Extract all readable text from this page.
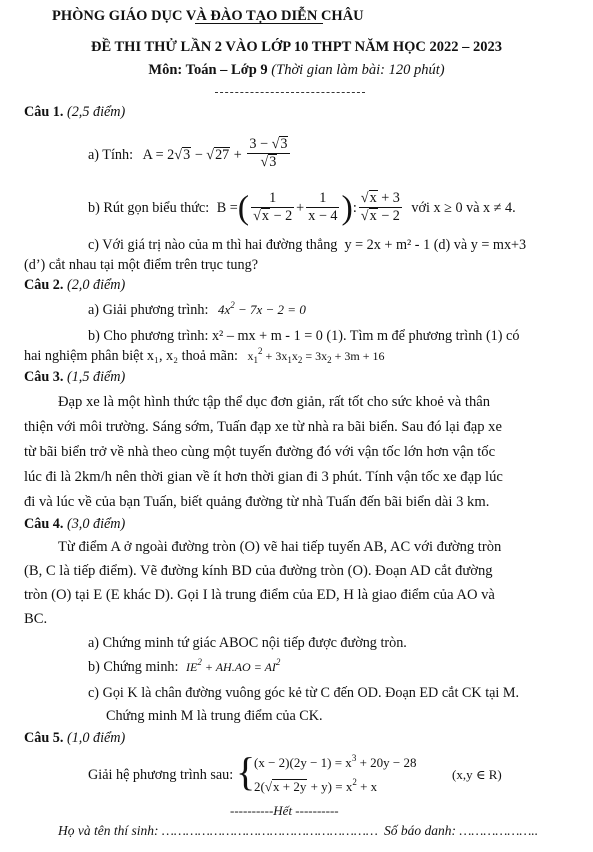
PHÒNG GIÁO DỤC VÀ ĐÀO TẠO DIỄN CHÂU
ĐỀ THI THỬ LẦN 2 VÀO LỚP 10 THPT NĂM HỌC 2022 – 2023
Môn: Toán – Lớp 9 (Thời gian làm bài: 120 phút)
Câu 1. (2,5 điểm)
a) Tính: $A = 2√3 - √27 + \frac{3 - √3}{√3}$
b) Rút gọn biểu thức: B =( $\frac{1}{√x - 2} + \frac{1}{x - 4}$ ): $\frac{√x + 3}{√x - 2}$ với x ≥ 0 và x ≠ 4.
c) Với giá trị nào của m thì hai đường thẳng y = 2x + m² - 1 (d) và y = mx+3
(d’) cắt nhau tại một điểm trên trục tung?
Câu 2. (2,0 điểm)
a) Giải phương trình: $4x^2 - 7x - 2 = 0$
b) Cho phương trình: x² – mx + m - 1 = 0 (1). Tìm m để phương trình (1) có
hai nghiệm phân biệt x₁, x₂ thoả mãn: $x_1^2 + 3x_1x_2 = 3x_2 + 3m + 16$
Câu 3. (1,5 điểm)
Đạp xe là một hình thức tập thể dục đơn giản, rất tốt cho sức khoẻ và thân
thiện với môi trường. Sáng sớm, Tuấn đạp xe từ nhà ra bãi biển. Sau đó lại đạp xe
từ bãi biển trở về nhà theo cùng một tuyến đường đó với vận tốc lớn hơn vận tốc
lúc đi là 2km/h nên thời gian về ít hơn thời gian đi 3 phút. Tính vận tốc xe đạp lúc
đi và lúc về của bạn Tuấn, biết quảng đường từ nhà Tuấn đến bãi biển dài 3 km.
Câu 4. (3,0 điểm)
Từ điểm A ở ngoài đường tròn (O) vẽ hai tiếp tuyến AB, AC với đường tròn
(B, C là tiếp điểm). Vẽ đường kính BD của đường tròn (O). Đoạn AD cắt đường
tròn (O) tại E (E khác D). Gọi I là trung điểm của ED, H là giao điểm của AO và
BC.
a) Chứng minh tứ giác ABOC nội tiếp được đường tròn.
b) Chứng minh: $IE^2 + AH.AO = AI^2$
c) Gọi K là chân đường vuông góc kẻ từ C đến OD. Đoạn ED cắt CK tại M.
Chứng minh M là trung điểm của CK.
Câu 5. (1,0 điểm)
Giải hệ phương trình sau: {
$(x - 2)(2y - 1) = x^3 + 20y - 28$
$2(√x + 2y + y) = x^2 + x$
(x,y ∈ R)
----------Hết ----------
Họ và tên thí sinh: ……………………………………………… Số báo danh: ………………..
